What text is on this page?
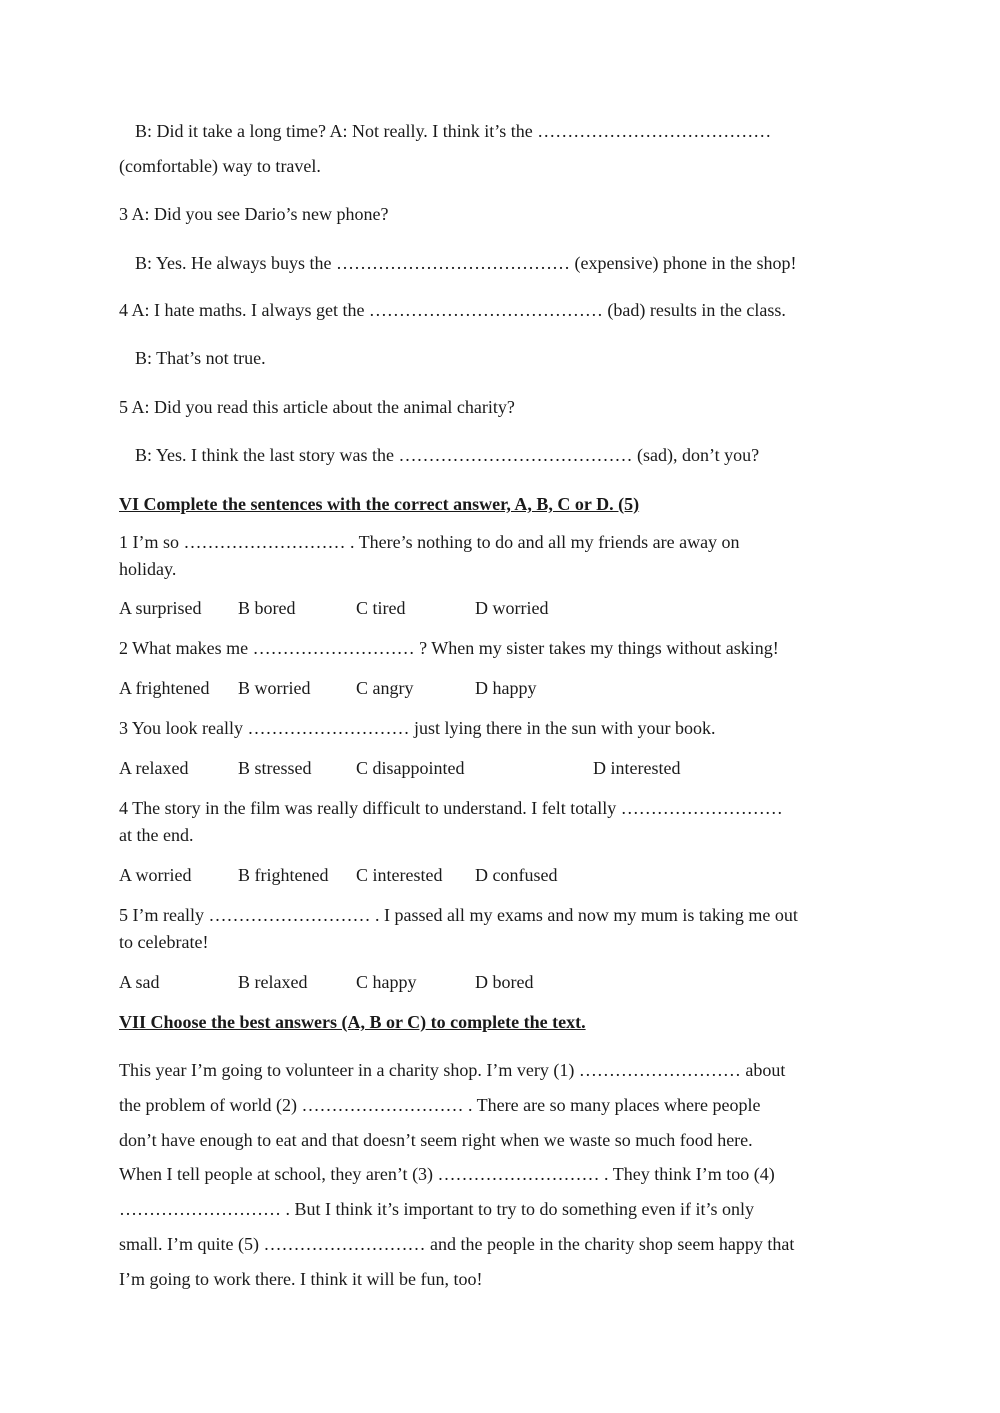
B: Did it take a long time? A: Not really. I think it’s the …………………………………
(comfortable) way to travel.
3 A: Did you see Dario’s new phone?
B: Yes. He always buys the ………………………………… (expensive) phone in the shop!
4 A: I hate maths. I always get the ………………………………… (bad) results in the class.
B: That’s not true.
5 A: Did you read this article about the animal charity?
B: Yes. I think the last story was the ………………………………… (sad), don’t you?
VI Complete the sentences with the correct answer, A, B, C or D. (5)
1 I’m so ……………………… . There’s nothing to do and all my friends are away on
holiday.
A surprised B bored	C tired	D worried
2 What makes me ……………………… ? When my sister takes my things without asking!
A frightened B worried	C angry	D happy
3 You look really ……………………… just lying there in the sun with your book.
A relaxed	B stressed C disappointed	D interested
4 The story in the film was really difficult to understand. I felt totally ………………………
at the end.
A worried	B frightened C interested D confused
5 I’m really ……………………… . I passed all my exams and now my mum is taking me out
to celebrate!
A sad	B relaxed	C happy	D bored
VII Choose the best answers (A, B or C) to complete the text.
This year I’m going to volunteer in a charity shop. I’m very (1) ……………………… about
the problem of world (2) ……………………… . There are so many places where people
don’t have enough to eat and that doesn’t seem right when we waste so much food here.
When I tell people at school, they aren’t (3) ……………………… . They think I’m too (4)
……………………… . But I think it’s important to try to do something even if it’s only
small. I’m quite (5) ……………………… and the people in the charity shop seem happy that
I’m going to work there. I think it will be fun, too!
